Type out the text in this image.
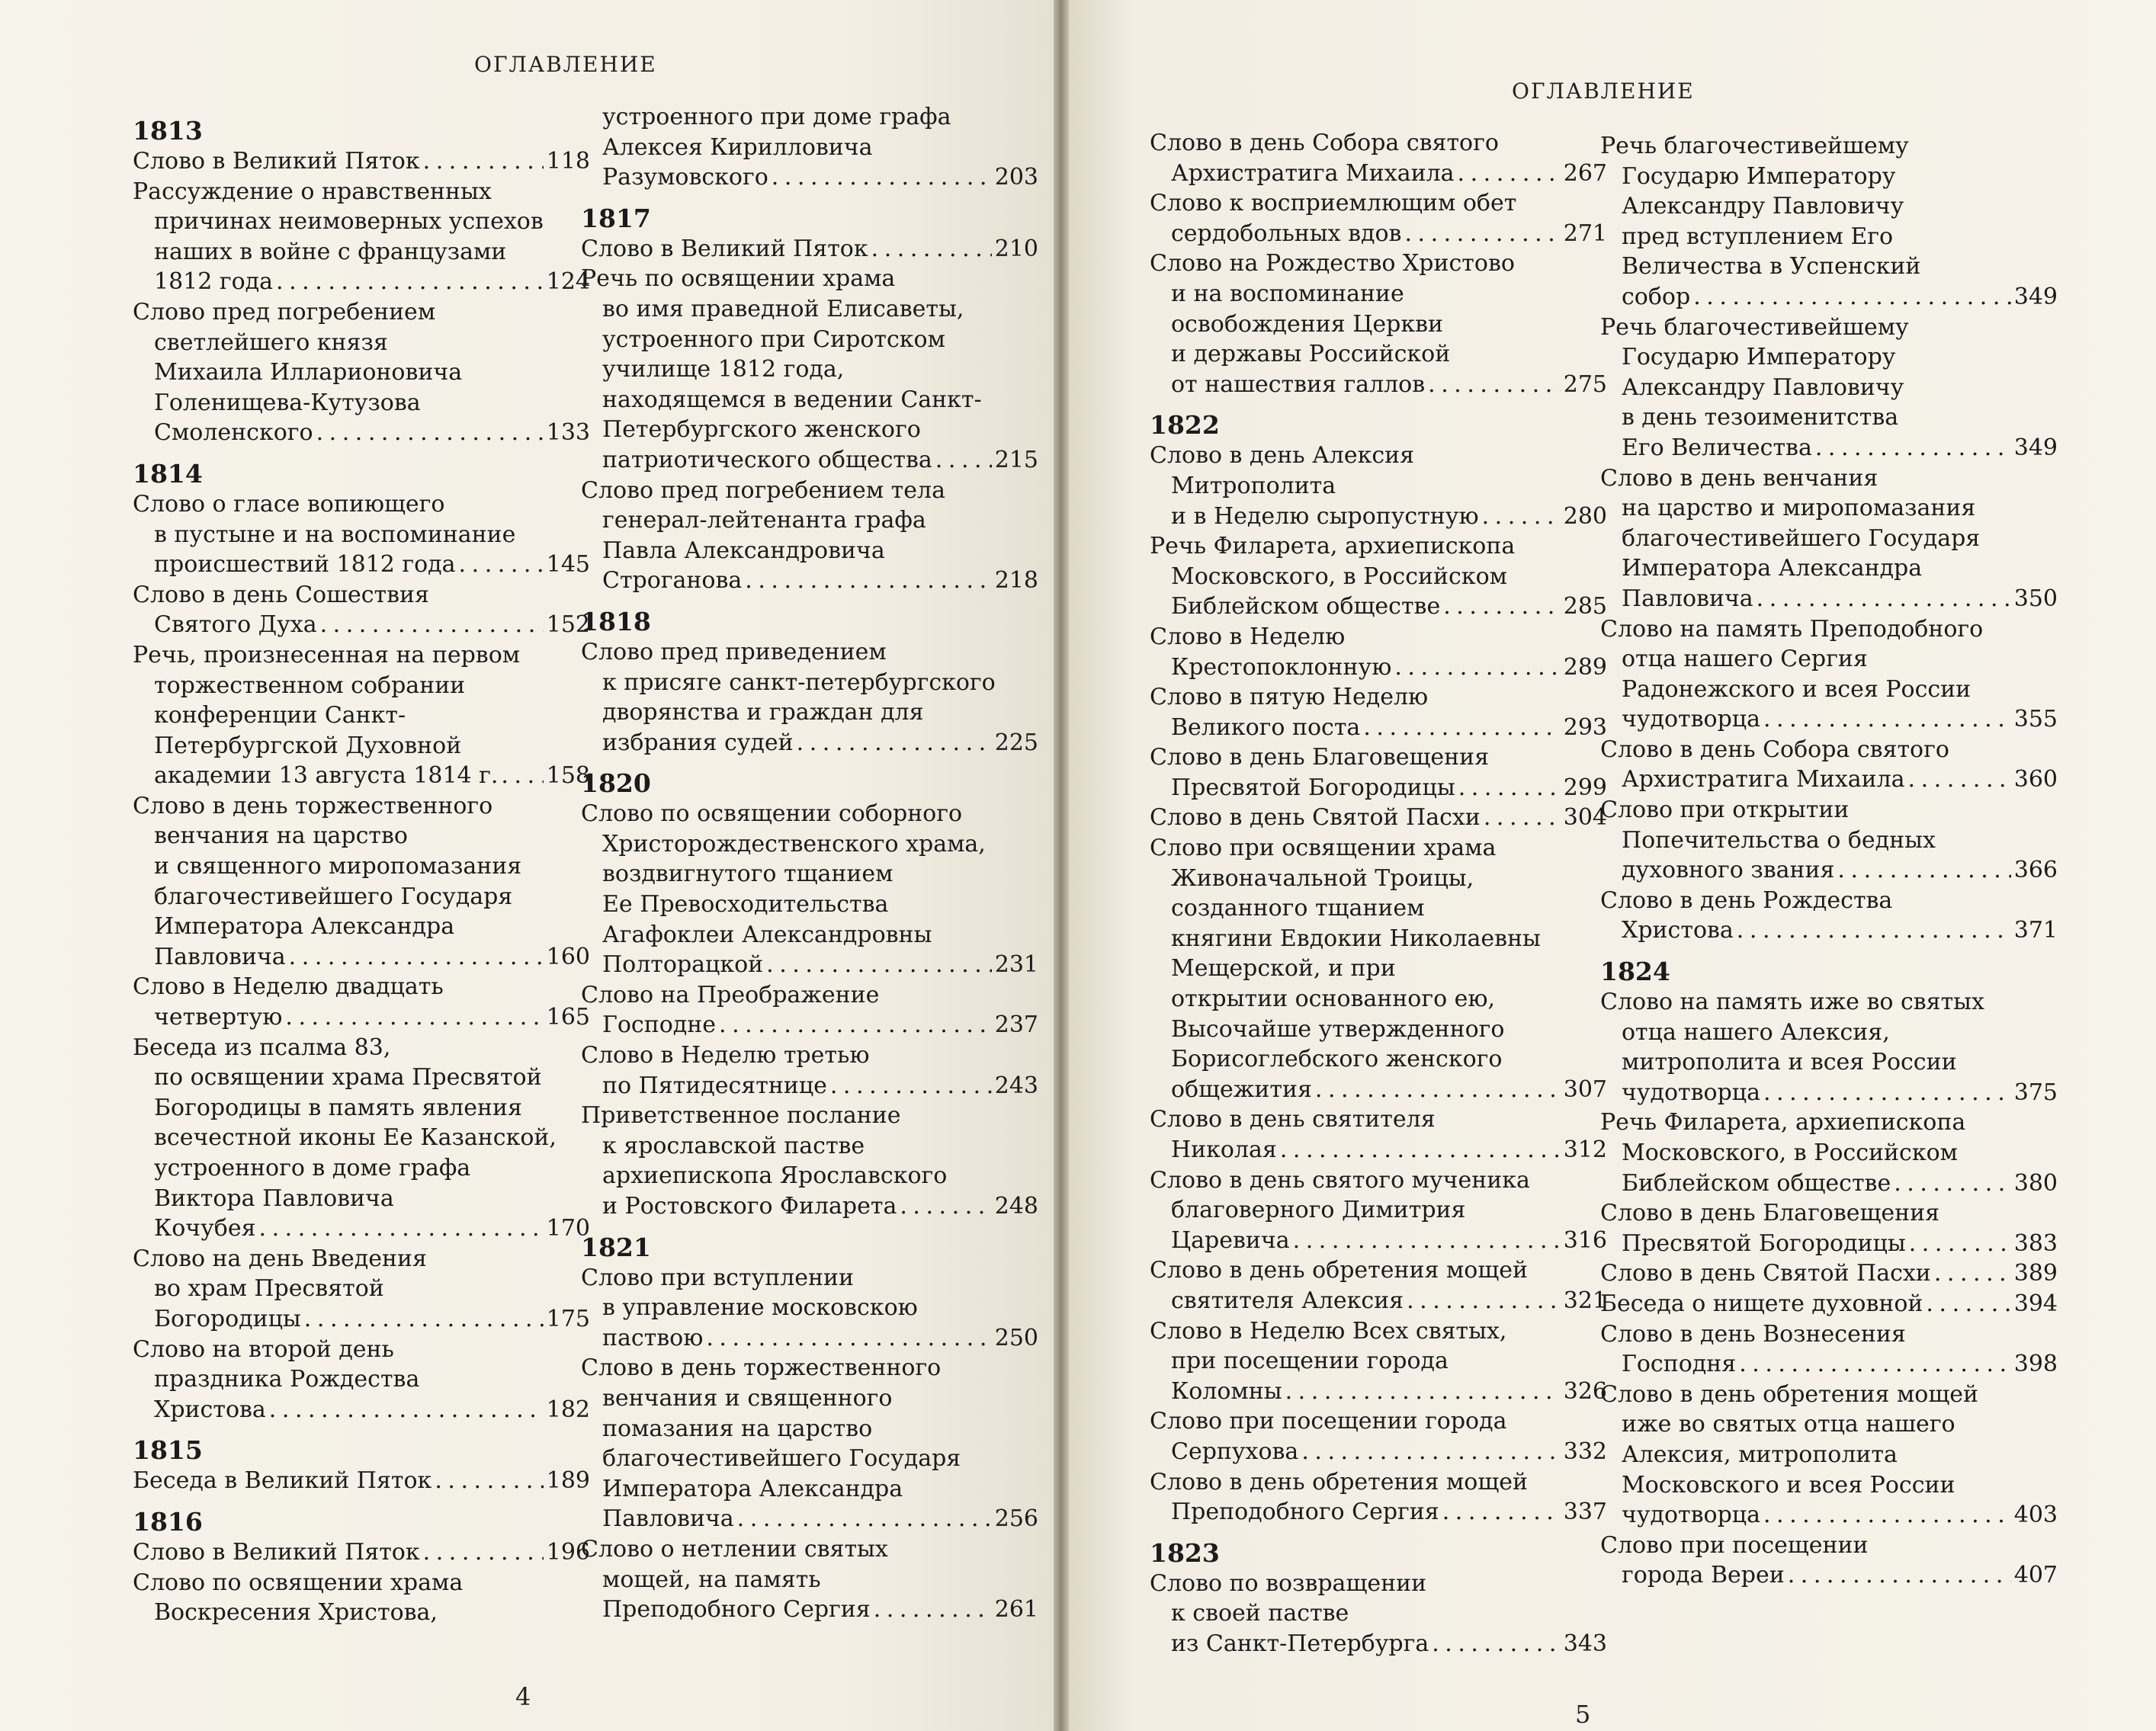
ОГЛАВЛЕНИЕ
1813
Слово в Великий Пяток . . .	118
Рассуждение о нравственных
причинах неимоверных успехов
наших в войне с французами
1812 года . . .	124
Слово пред погребением
светлейшего князя
Михаила Илларионовича
Голенищева-Кутузова
Смоленского . . .	133
1814
Слово о гласе вопиющего
в пустыне и на воспоминание
происшествий 1812 года . . .	145
Слово в день Сошествия
Святого Духа . . .	152
Речь, произнесенная на первом
торжественном собрании
конференции Санкт-
Петербургской Духовной
академии 13 августа 1814 г. . . . 158
Слово в день торжественного
венчания на царство
и священного миропомазания
благочестивейшего Государя
Императора Александра
Павловича . . .	160
Слово в Неделю двадцать
четвертую . . .	165
Беседа из псалма 83,
по освящении храма Пресвятой
Богородицы в память явления
всечестной иконы Ее Казанской,
устроенного в доме графа
Виктора Павловича
Кочубея . . .	170
Слово на день Введения
во храм Пресвятой
Богородицы . . .	175
Слово на второй день
праздника Рождества
Христова . . .	182
1815
Беседа в Великий Пяток . . .	189
1816
Слово в Великий Пяток . . .	196
Слово по освящении храма
Воскресения Христова,
устроенного при доме графа
Алексея Кирилловича
Разумовского . . .	203
1817
Слово в Великий Пяток . . .	210
Речь по освящении храма
во имя праведной Елисаветы,
устроенного при Сиротском
училище 1812 года,
находящемся в ведении Санкт-
Петербургского женского
патриотического общества . . .	215
Слово пред погребением тела
генерал-лейтенанта графа
Павла Александровича
Строганова . . .	218
1818
Слово пред приведением
к присяге санкт-петербургского
дворянства и граждан для
избрания судей . . .	225
1820
Слово по освящении соборного
Христорождественского храма,
воздвигнутого тщанием
Ее Превосходительства
Агафоклеи Александровны
Полторацкой . . .	231
Слово на Преображение
Господне . . .	237
Слово в Неделю третью
по Пятидесятнице . . .	243
Приветственное послание
к ярославской пастве
архиепископа Ярославского
и Ростовского Филарета . . .	248
1821
Слово при вступлении
в управление московскою
паствою . . .	250
Слово в день торжественного
венчания и священного
помазания на царство
благочестивейшего Государя
Императора Александра
Павловича . . .	256
Слово о нетлении святых
мощей, на память
Преподобного Сергия . . .	261
4
ОГЛАВЛЕНИЕ
Слово в день Собора святого
Архистратига Михаила . . .	267
Слово к восприемлющим обет
сердобольных вдов . . .	271
Слово на Рождество Христово
и на воспоминание
освобождения Церкви
и державы Российской
от нашествия галлов . . .	275
1822
Слово в день Алексия
Митрополита
и в Неделю сыропустную . . .	280
Речь Филарета, архиепископа
Московского, в Российском
Библейском обществе . . .	285
Слово в Неделю
Крестопоклонную . . .	289
Слово в пятую Неделю
Великого поста . . .	293
Слово в день Благовещения
Пресвятой Богородицы . . .	299
Слово в день Святой Пасхи . . .	304
Слово при освящении храма
Живоначальной Троицы,
созданного тщанием
княгини Евдокии Николаевны
Мещерской, и при
открытии основанного ею,
Высочайше утвержденного
Борисоглебского женского
общежития . . .	307
Слово в день святителя
Николая . . .	312
Слово в день святого мученика
благоверного Димитрия
Царевича . . .	316
Слово в день обретения мощей
святителя Алексия . . .	321
Слово в Неделю Всех святых,
при посещении города
Коломны . . .	326
Слово при посещении города
Серпухова . . .	332
Слово в день обретения мощей
Преподобного Сергия . . .	337
1823
Слово по возвращении
к своей пастве
из Санкт-Петербурга . . .	343
Речь благочестивейшему
Государю Императору
Александру Павловичу
пред вступлением Его
Величества в Успенский
собор . . .	349
Речь благочестивейшему
Государю Императору
Александру Павловичу
в день тезоименитства
Его Величества . . .	349
Слово в день венчания
на царство и миропомазания
благочестивейшего Государя
Императора Александра
Павловича . . .	350
Слово на память Преподобного
отца нашего Сергия
Радонежского и всея России
чудотворца . . .	355
Слово в день Собора святого
Архистратига Михаила . . .	360
Слово при открытии
Попечительства о бедных
духовного звания . . .	366
Слово в день Рождества
Христова . . .	371
1824
Слово на память иже во святых
отца нашего Алексия,
митрополита и всея России
чудотворца . . .	375
Речь Филарета, архиепископа
Московского, в Российском
Библейском обществе . . .	380
Слово в день Благовещения
Пресвятой Богородицы . . .	383
Слово в день Святой Пасхи . . .	389
Беседа о нищете духовной . . .	394
Слово в день Вознесения
Господня . . .	398
Слово в день обретения мощей
иже во святых отца нашего
Алексия, митрополита
Московского и всея России
чудотворца . . .	403
Слово при посещении
города Вереи . . .	407
5
